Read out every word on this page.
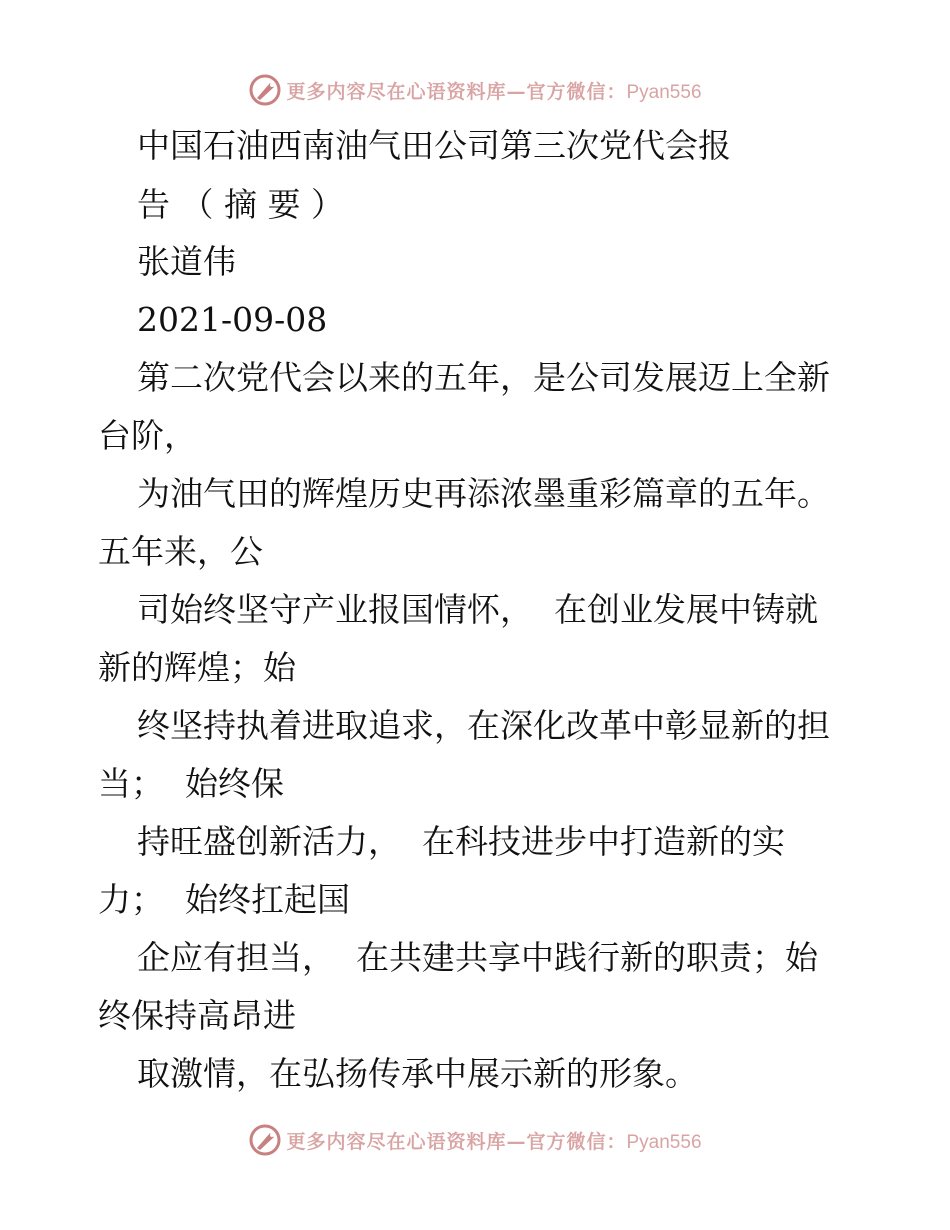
更多内容尽在心语资料库—官方微信：Pyan556
中国石油西南油气田公司第三次党代会报
告 （ 摘 要 ）
张道伟
2021-09-08
第二次党代会以来的五年，是公司发展迈上全新
台阶，
为油气田的辉煌历史再添浓墨重彩篇章的五年。
五年来，公
司始终坚守产业报国情怀，  在创业发展中铸就
新的辉煌；始
终坚持执着进取追求，在深化改革中彰显新的担
当；  始终保
持旺盛创新活力，  在科技进步中打造新的实
力；  始终扛起国
企应有担当，  在共建共享中践行新的职责；始
终保持高昂进
取激情，在弘扬传承中展示新的形象。
更多内容尽在心语资料库—官方微信：Pyan556
